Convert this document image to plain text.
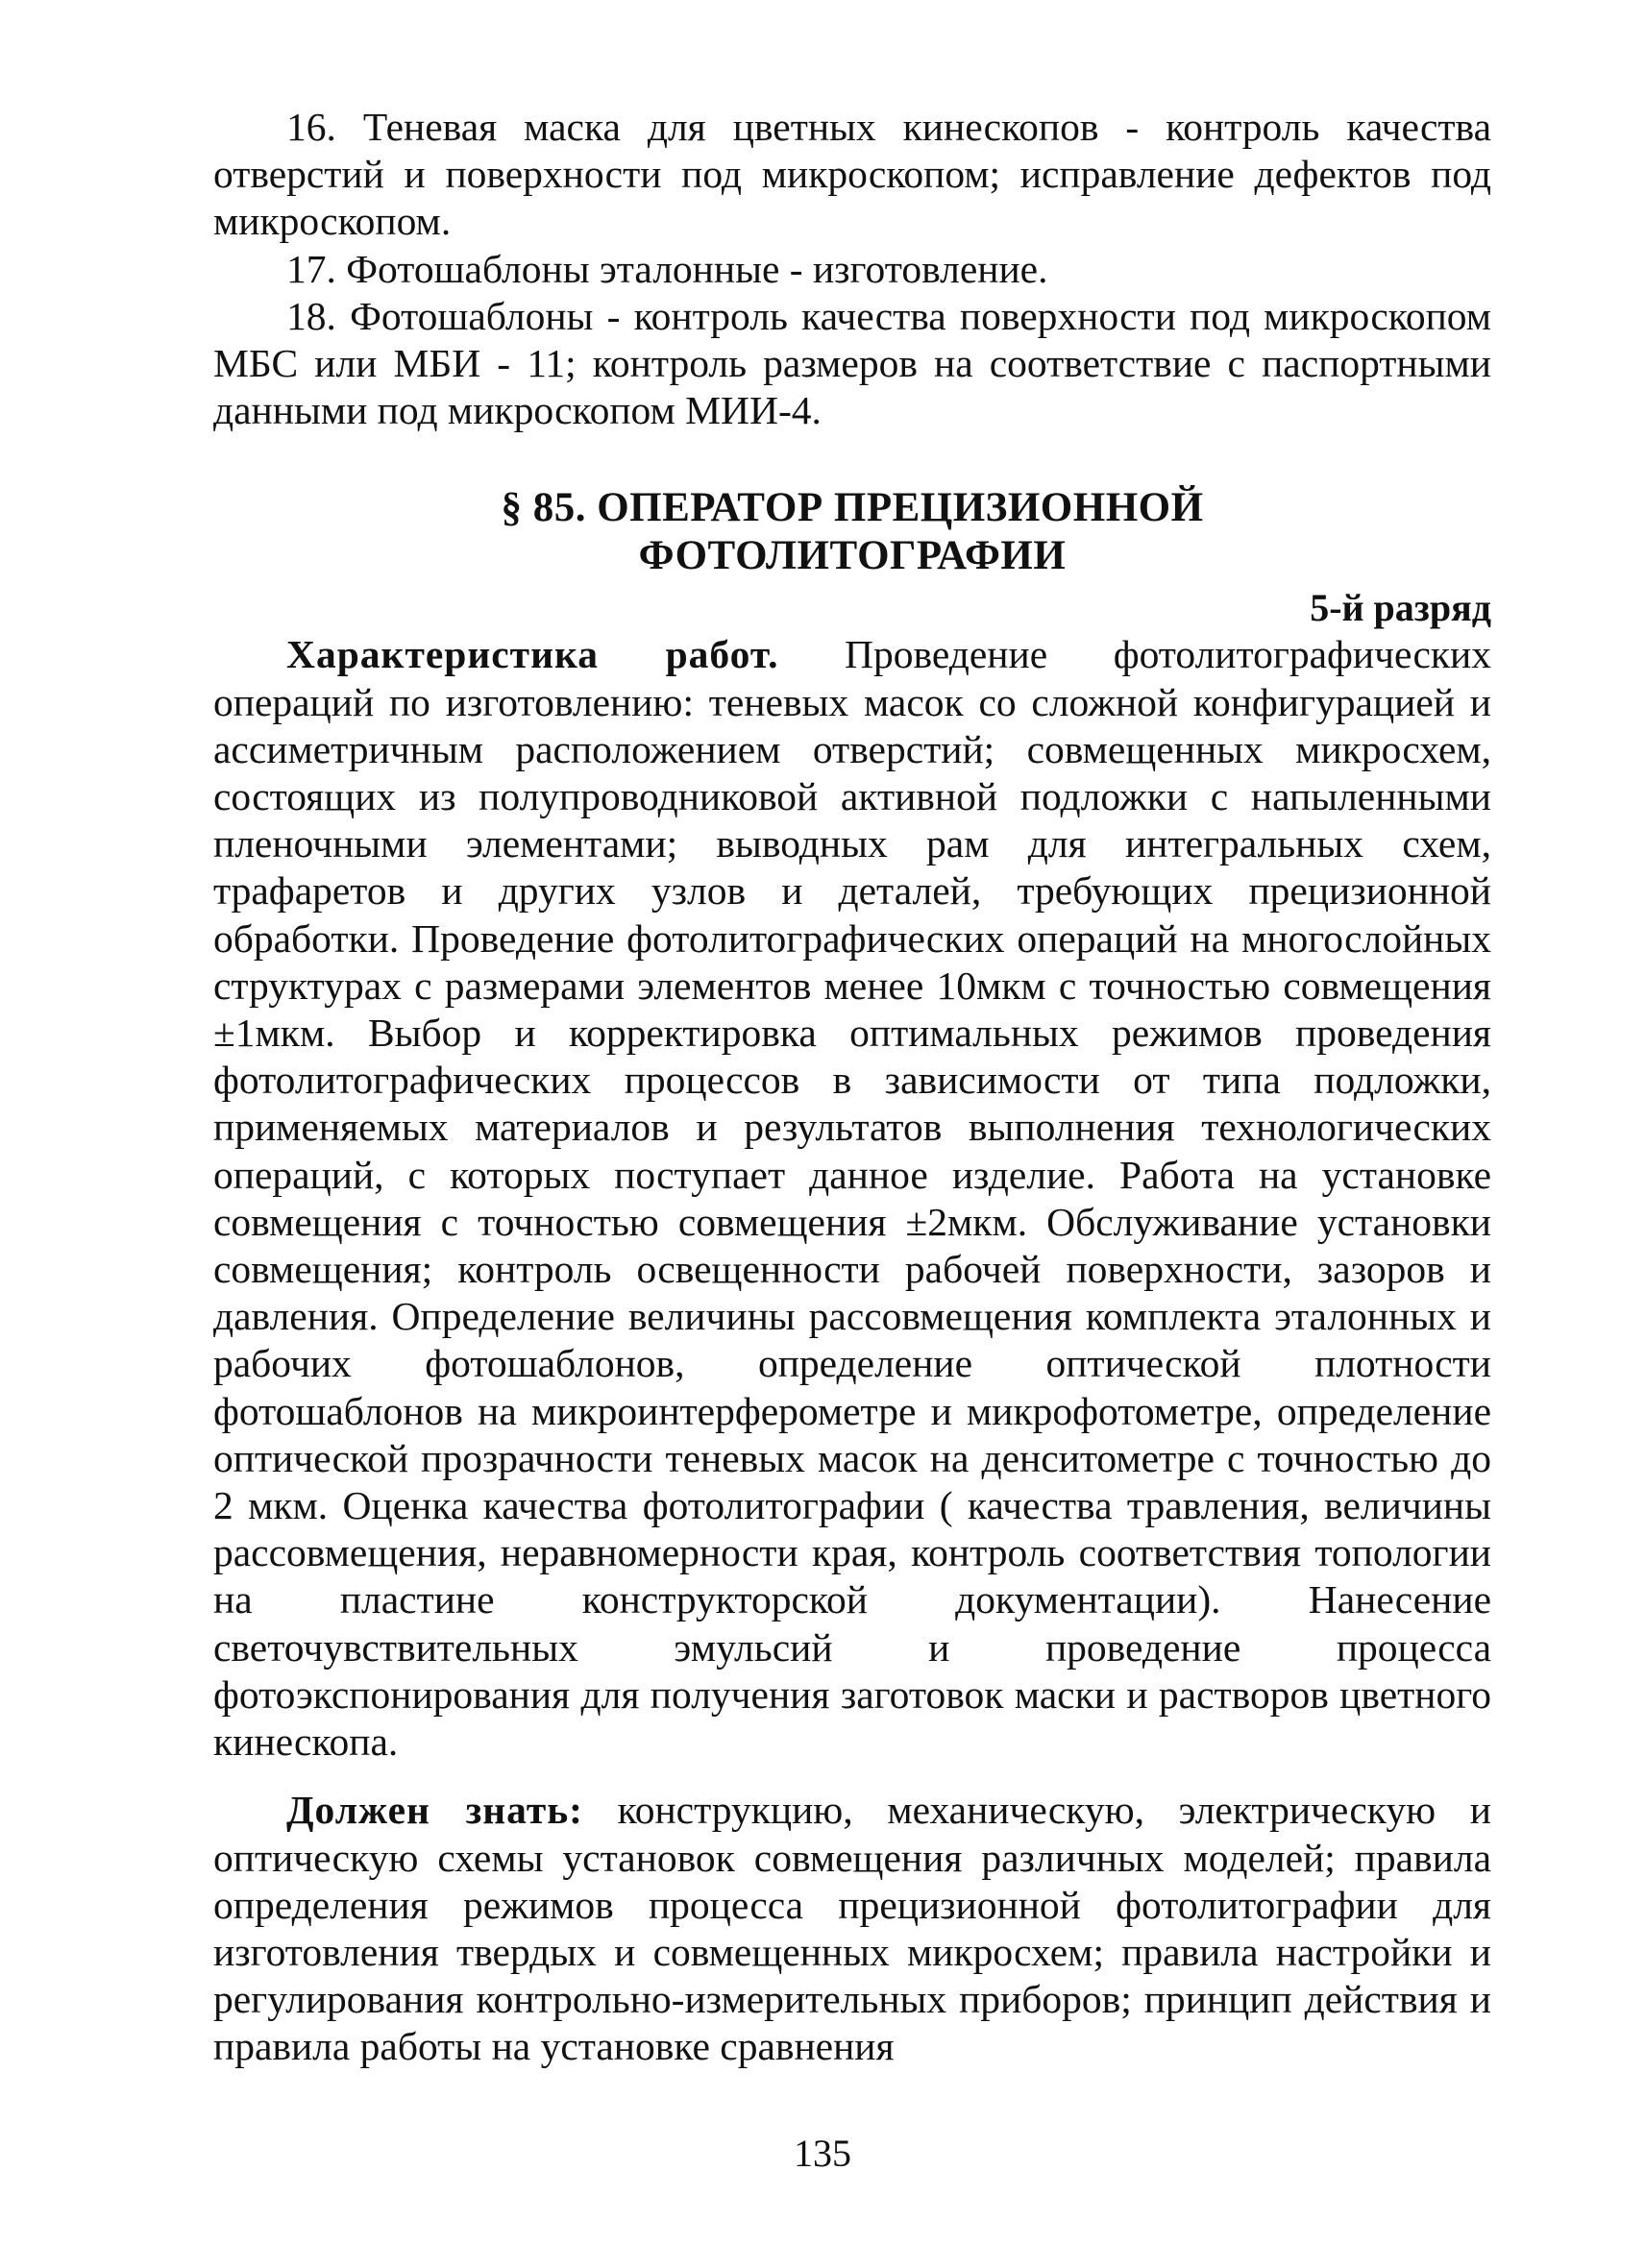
16. Теневая маска для цветных кинескопов - контроль качества отверстий и поверхности под микроскопом; исправление дефектов под микроскопом.

17. Фотошаблоны эталонные - изготовление.

18. Фотошаблоны - контроль качества поверхности под микроскопом МБС или МБИ - 11; контроль размеров на соответствие с паспортными данными под микроскопом МИИ-4.

§ 85. ОПЕРАТОР ПРЕЦИЗИОННОЙ
ФОТОЛИТОГРАФИИ
5-й разряд

Характеристика работ. Проведение фотолитографических операций по изготовлению: теневых масок со сложной конфигурацией и ассиметричным расположением отверстий; совмещенных микросхем, состоящих из полупроводниковой активной подложки с напыленными пленочными элементами; выводных рам для интегральных схем, трафаретов и других узлов и деталей, требующих прецизионной обработки. Проведение фотолитографических операций на многослойных структурах с размерами элементов менее 10мкм с точностью совмещения ±1мкм. Выбор и корректировка оптимальных режимов проведения фотолитографических процессов в зависимости от типа подложки, применяемых материалов и результатов выполнения технологических операций, с которых поступает данное изделие. Работа на установке совмещения с точностью совмещения ±2мкм. Обслуживание установки совмещения; контроль освещенности рабочей поверхности, зазоров и давления. Определение величины рассовмещения комплекта эталонных и рабочих фотошаблонов, определение оптической плотности фотошаблонов на микроинтерферометре и микрофотометре, определение оптической прозрачности теневых масок на денситометре с точностью до 2 мкм. Оценка качества фотолитографии ( качества травления, величины рассовмещения, неравномерности края, контроль соответствия топологии на пластине конструкторской документации). Нанесение светочувствительных эмульсий и проведение процесса фотоэкспонирования для получения заготовок маски и растворов цветного кинескопа.

Должен знать: конструкцию, механическую, электрическую и оптическую схемы установок совмещения различных моделей; правила определения режимов процесса прецизионной фотолитографии для изготовления твердых и совмещенных микросхем; правила настройки и регулирования контрольно-измерительных приборов; принцип действия и правила работы на установке сравнения

135
